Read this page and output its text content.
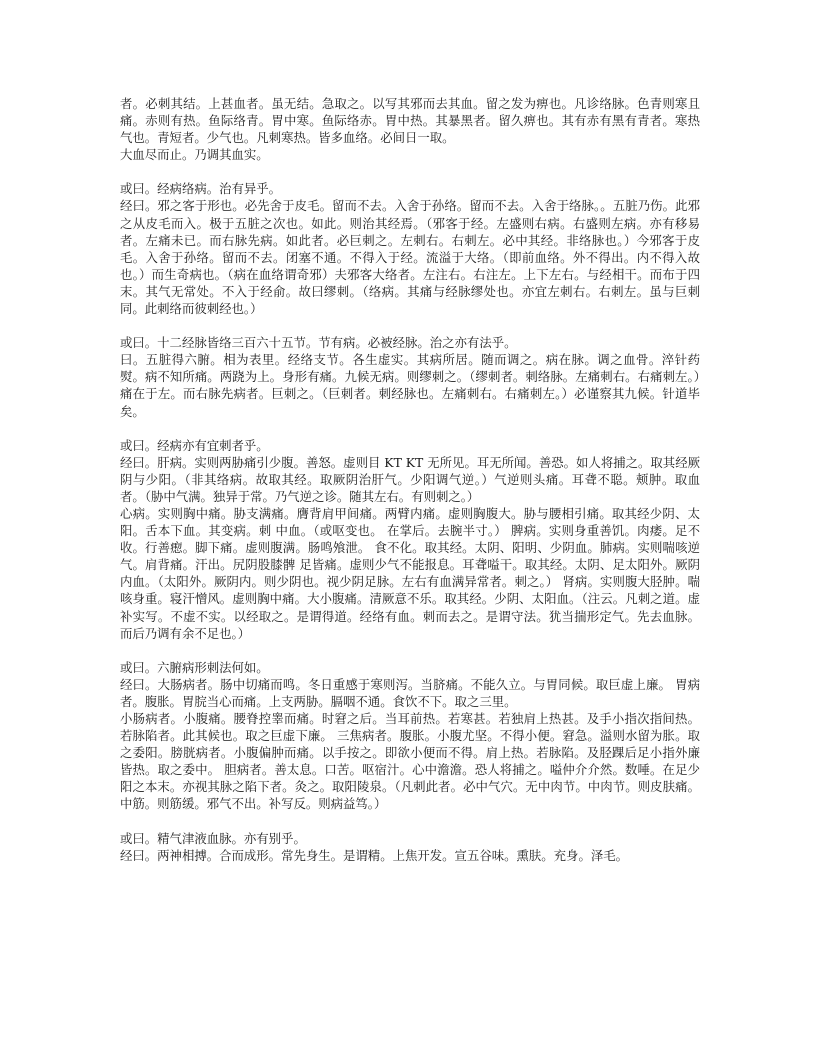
者。必刺其结。上甚血者。虽无结。急取之。以写其邪而去其血。留之发为痹也。凡诊络脉。色青则寒且痛。赤则有热。鱼际络青。胃中寒。鱼际络赤。胃中热。其暴黑者。留久痹也。其有赤有黑有青者。寒热气也。青短者。少气也。凡刺寒热。皆多血络。必间日一取。

大血尽而止。乃调其血实。

或曰。经病络病。治有异乎。

经曰。邪之客于形也。必先舍于皮毛。留而不去。入舍于孙络。留而不去。入舍于络脉。。五脏乃伤。此邪之从皮毛而入。极于五脏之次也。如此。则治其经焉。（邪客于经。左盛则右病。右盛则左病。亦有移易者。左痛未已。而右脉先病。如此者。必巨刺之。左刺右。右刺左。必中其经。非络脉也。）今邪客于皮毛。入舍于孙络。留而不去。闭塞不通。不得入于经。流溢于大络。（即前血络。外不得出。内不得入故也。）而生奇病也。（病在血络谓奇邪）夫邪客大络者。左注右。右注左。上下左右。与经相干。而布于四末。其气无常处。不入于经俞。故曰缪刺。（络病。其痛与经脉缪处也。亦宜左刺右。右刺左。虽与巨刺同。此刺络而彼刺经也。）

或曰。十二经脉皆络三百六十五节。节有病。必被经脉。治之亦有法乎。

曰。五脏得六腑。相为表里。经络支节。各生虚实。其病所居。随而调之。病在脉。调之血骨。淬针药熨。病不知所痛。两跷为上。身形有痛。九候无病。则缪刺之。（缪刺者。刺络脉。左痛刺右。右痛刺左。）痛在于左。而右脉先病者。巨刺之。（巨刺者。刺经脉也。左痛刺右。右痛刺左。）必谨察其九候。针道毕矣。

或曰。经病亦有宜刺者乎。

经曰。肝病。实则两胁痛引少腹。善怒。虚则目 KT KT 无所见。耳无所闻。善恐。如人将捕之。取其经厥阴与少阳。（非其络病。故取其经。取厥阴治肝气。少阳调气逆。）气逆则头痛。耳聋不聪。颊肿。取血者。（胁中气满。独异于常。乃气逆之诊。随其左右。有则刺之。）

心病。实则胸中痛。胁支满痛。膺背肩甲间痛。两臂内痛。虚则胸腹大。胁与腰相引痛。取其经少阴、太阳。舌本下血。其变病。刺 中血。（或呕变也。 在掌后。去腕半寸。） 脾病。实则身重善饥。肉痿。足不收。行善瘛。脚下痛。虚则腹满。肠鸣飧泄。 食不化。取其经。太阴、阳明、少阴血。肺病。实则喘咳逆气。肩背痛。汗出。尻阴股膝髀 足皆痛。虚则少气不能报息。耳聋嗌干。取其经。太阴、足太阳外。厥阴内血。（太阳外。厥阴内。则少阴也。视少阴足脉。左右有血满异常者。刺之。） 肾病。实则腹大胫肿。喘咳身重。寝汗憎风。虚则胸中痛。大小腹痛。清厥意不乐。取其经。少阴、太阳血。（注云。凡刺之道。虚补实写。不虚不实。以经取之。是谓得道。经络有血。刺而去之。是谓守法。犹当揣形定气。先去血脉。而后乃调有余不足也。）

或曰。六腑病形刺法何如。

经曰。大肠病者。肠中切痛而鸣。冬日重感于寒则泻。当脐痛。不能久立。与胃同候。取巨虚上廉。 胃病者。腹胀。胃脘当心而痛。上支两胁。膈咽不通。食饮不下。取之三里。

小肠病者。小腹痛。腰脊控睾而痛。时窘之后。当耳前热。若寒甚。若独肩上热甚。及手小指次指间热。若脉陷者。此其候也。取之巨虚下廉。 三焦病者。腹胀。小腹尤坚。不得小便。窘急。溢则水留为胀。取之委阳。膀胱病者。小腹偏肿而痛。以手按之。即欲小便而不得。肩上热。若脉陷。及胫踝后足小指外廉皆热。取之委中。 胆病者。善太息。口苦。呕宿汁。心中澹澹。恐人将捕之。嗌仲介介然。数唾。在足少阳之本末。亦视其脉之陷下者。灸之。取阳陵泉。（凡刺此者。必中气穴。无中肉节。中肉节。则皮肤痛。中筋。则筋缓。邪气不出。补写反。则病益笃。）

或曰。精气津液血脉。亦有别乎。

经曰。两神相搏。合而成形。常先身生。是谓精。上焦开发。宣五谷味。熏肤。充身。泽毛。
